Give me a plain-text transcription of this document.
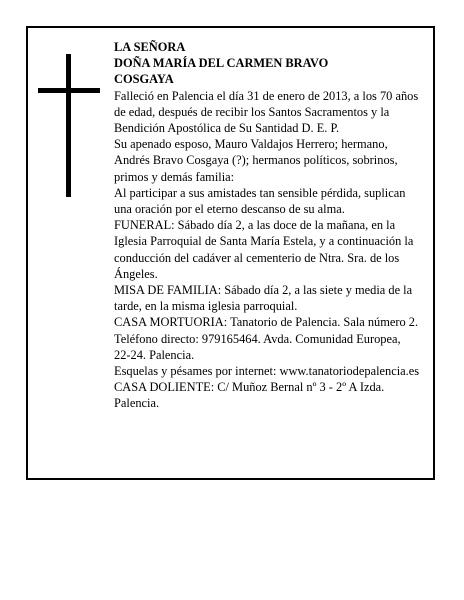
LA SEÑORA

DOÑA MARÍA DEL CARMEN BRAVO

COSGAYA

Falleció en Palencia el día 31 de enero de 2013, a los 70 años de edad, después de recibir los Santos Sacramentos y la Bendición Apostólica de Su Santidad D. E. P.

Su apenado esposo, Mauro Valdajos Herrero; hermano, Andrés Bravo Cosgaya (?); hermanos políticos, sobrinos, primos y demás familia:

Al participar a sus amistades tan sensible pérdida, suplican una oración por el eterno descanso de su alma.

FUNERAL: Sábado día 2, a las doce de la mañana, en la Iglesia Parroquial de Santa María Estela, y a continuación la conducción del cadáver al cementerio de Ntra. Sra. de los Ángeles.

MISA DE FAMILIA: Sábado día 2, a las siete y media de la tarde, en la misma iglesia parroquial.

CASA MORTUORIA: Tanatorio de Palencia. Sala número 2. Teléfono directo: 979165464. Avda. Comunidad Europea, 22-24. Palencia.

Esquelas y pésames por internet: www.tanatoriodepalencia.es

CASA DOLIENTE: C/ Muñoz Bernal nº 3 - 2º A Izda. Palencia.
